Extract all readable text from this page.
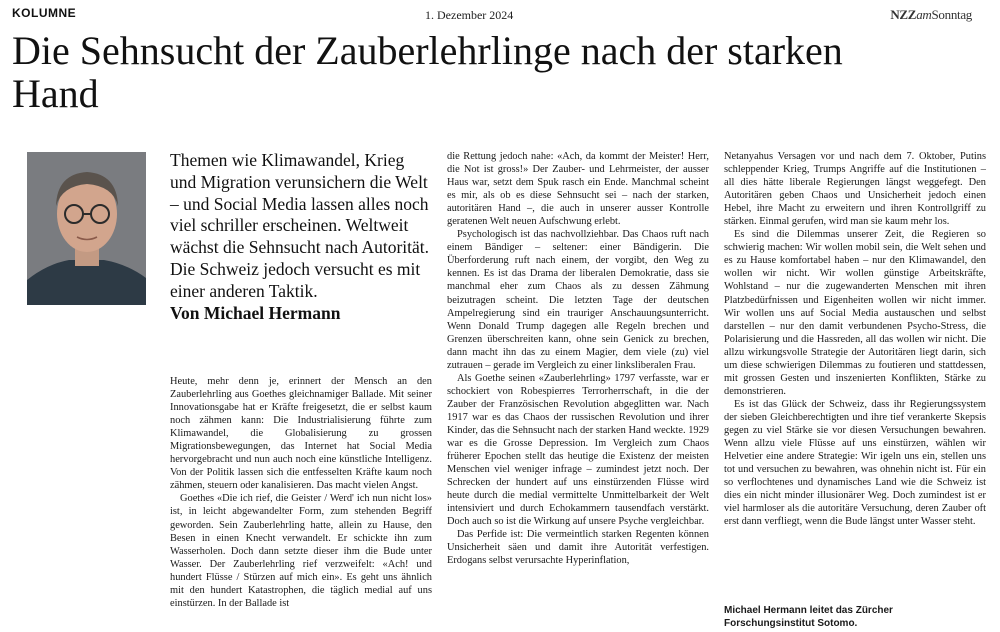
KOLUMNE	1. Dezember 2024	NZZamSonntag
Die Sehnsucht der Zauberlehrlinge nach der starken Hand
Themen wie Klimawandel, Krieg und Migration verunsichern die Welt – und Social Media lassen alles noch viel schriller erscheinen. Weltweit wächst die Sehnsucht nach Autorität. Die Schweiz jedoch versucht es mit einer anderen Taktik.
Von Michael Hermann

Heute, mehr denn je, erinnert der Mensch an den Zauberlehrling aus Goethes gleichnamiger Ballade. Mit seiner Innovationsgabe hat er Kräfte freigesetzt, die er selbst kaum noch zähmen kann: Die Industrialisierung führte zum Klimawandel, die Globalisierung zu grossen Migrationsbewegungen, das Internet hat Social Media hervorgebracht und nun auch noch eine künstliche Intelligenz. Von der Politik lassen sich die entfesselten Kräfte kaum noch zähmen, steuern oder kanalisieren. Das macht vielen Angst.

Goethes «Die ich rief, die Geister / Werd' ich nun nicht los» ist, in leicht abgewandelter Form, zum stehenden Begriff geworden. Sein Zauberlehrling hatte, allein zu Hause, den Besen in einen Knecht verwandelt. Er schickte ihn zum Wasserholen. Doch dann setzte dieser ihm die Bude unter Wasser. Der Zauberlehrling rief verzweifelt: «Ach! und hundert Flüsse / Stürzen auf mich ein». Es geht uns ähnlich mit den hundert Katastrophen, die täglich medial auf uns einstürzen. In der Ballade ist

die Rettung jedoch nahe: «Ach, da kommt der Meister! Herr, die Not ist gross!» Der Zauber- und Lehrmeister, der ausser Haus war, setzt dem Spuk rasch ein Ende. Manchmal scheint es mir, als ob es diese Sehnsucht sei – nach der starken, autoritären Hand –, die auch in unserer ausser Kontrolle geratenen Welt neuen Aufschwung erlebt.

Psychologisch ist das nachvollziehbar. Das Chaos ruft nach einem Bändiger – seltener: einer Bändigerin. Die Überforderung ruft nach einem, der vorgibt, den Weg zu kennen. Es ist das Drama der liberalen Demokratie, dass sie manchmal eher zum Chaos als zu dessen Zähmung beizutragen scheint. Die letzten Tage der deutschen Ampelregierung sind ein trauriger Anschauungsunterricht. Wenn Donald Trump dagegen alle Regeln brechen und Grenzen überschreiten kann, ohne sein Genick zu brechen, dann macht ihn das zu einem Magier, dem viele (zu) viel zutrauen – gerade im Vergleich zu einer linksliberalen Frau.

Als Goethe seinen «Zauberlehrling» 1797 verfasste, war er schockiert von Robespierres Terrorherrschaft, in die der Zauber der Französischen Revolution abgeglitten war. Nach 1917 war es das Chaos der russischen Revolution und ihrer Kinder, das die Sehnsucht nach der starken Hand weckte. 1929 war es die Grosse Depression. Im Vergleich zum Chaos früherer Epochen stellt das heutige die Existenz der meisten Menschen viel weniger infrage – zumindest jetzt noch. Der Schrecken der hundert auf uns einstürzenden Flüsse wird heute durch die medial vermittelte Unmittelbarkeit der Welt intensiviert und durch Echokammern tausendfach verstärkt. Doch auch so ist die Wirkung auf unsere Psyche vergleichbar.

Das Perfide ist: Die vermeintlich starken Regenten können Unsicherheit säen und damit ihre Autorität verfestigen. Erdogans selbst verursachte Hyperinflation,

Netanyahus Versagen vor und nach dem 7. Oktober, Putins schleppender Krieg, Trumps Angriffe auf die Institutionen – all dies hätte liberale Regierungen längst weggefegt. Den Autoritären geben Chaos und Unsicherheit jedoch einen Hebel, ihre Macht zu erweitern und ihren Kontrollgriff zu stärken. Einmal gerufen, wird man sie kaum mehr los.

Es sind die Dilemmas unserer Zeit, die Regieren so schwierig machen: Wir wollen mobil sein, die Welt sehen und es zu Hause komfortabel haben – nur den Klimawandel, den wollen wir nicht. Wir wollen günstige Arbeitskräfte, Wohlstand – nur die zugewanderten Menschen mit ihren Platzbedürfnissen und Eigenheiten wollen wir nicht immer. Wir wollen uns auf Social Media austauschen und selbst darstellen – nur den damit verbundenen Psycho-Stress, die Polarisierung und die Hassreden, all das wollen wir nicht. Die allzu wirkungsvolle Strategie der Autoritären liegt darin, sich um diese schwierigen Dilemmas zu foutieren und stattdessen, mit grossen Gesten und inszenierten Konflikten, Stärke zu demonstrieren.

Es ist das Glück der Schweiz, dass ihr Regierungssystem der sieben Gleichberechtigten und ihre tief verankerte Skepsis gegen zu viel Stärke sie vor diesen Versuchungen bewahren. Wenn allzu viele Flüsse auf uns einstürzen, wählen wir Helvetier eine andere Strategie: Wir igeln uns ein, stellen uns tot und versuchen zu bewahren, was ohnehin nicht ist. Für ein so verflochtenes und dynamisches Land wie die Schweiz ist dies ein nicht minder illusionärer Weg. Doch zumindest ist er viel harmloser als die autoritäre Versuchung, deren Zauber oft erst dann verfliegt, wenn die Bude längst unter Wasser steht.

Michael Hermann leitet das Zürcher Forschungsinstitut Sotomo.
